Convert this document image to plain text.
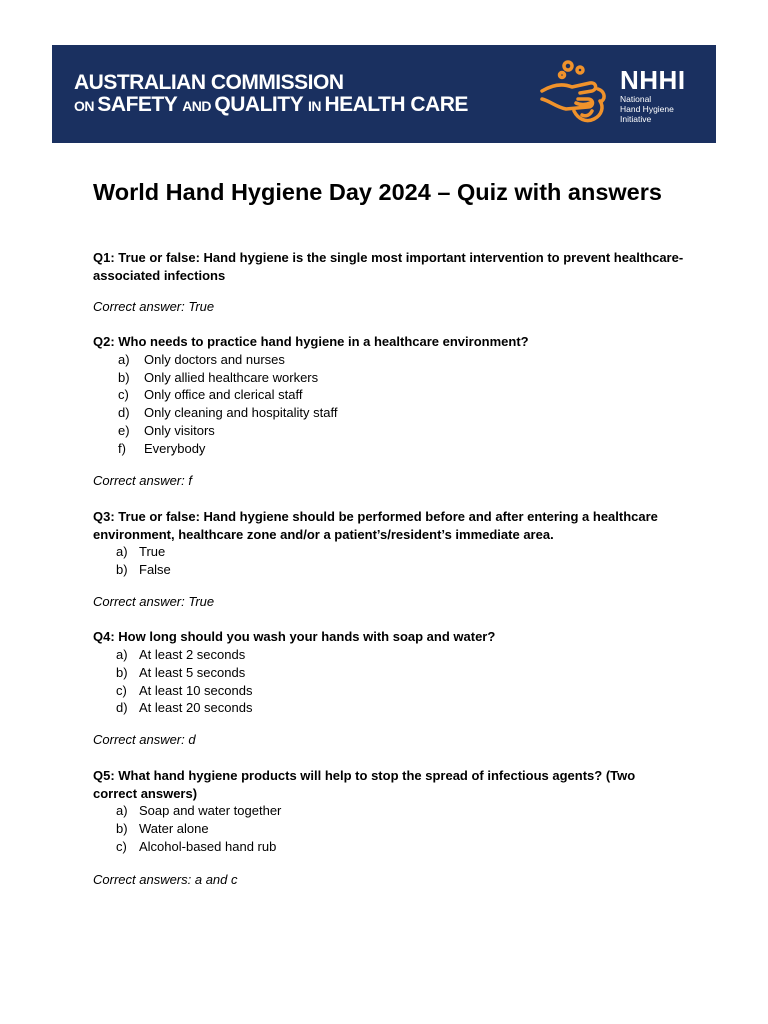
AUSTRALIAN COMMISSION
ON SAFETY AND QUALITY IN HEALTH CARE
NHHI
National
Hand Hygiene
Initiative
World Hand Hygiene Day 2024 – Quiz with answers
Q1: True or false: Hand hygiene is the single most important intervention to prevent healthcare-associated infections
Correct answer: True
Q2: Who needs to practice hand hygiene in a healthcare environment?
a) Only doctors and nurses
b) Only allied healthcare workers
c) Only office and clerical staff
d) Only cleaning and hospitality staff
e) Only visitors
f) Everybody
Correct answer: f
Q3: True or false: Hand hygiene should be performed before and after entering a healthcare environment, healthcare zone and/or a patient’s/resident’s immediate area.
a) True
b) False
Correct answer: True
Q4: How long should you wash your hands with soap and water?
a) At least 2 seconds
b) At least 5 seconds
c) At least 10 seconds
d) At least 20 seconds
Correct answer: d
Q5: What hand hygiene products will help to stop the spread of infectious agents? (Two correct answers)
a) Soap and water together
b) Water alone
c) Alcohol-based hand rub
Correct answers: a and c
